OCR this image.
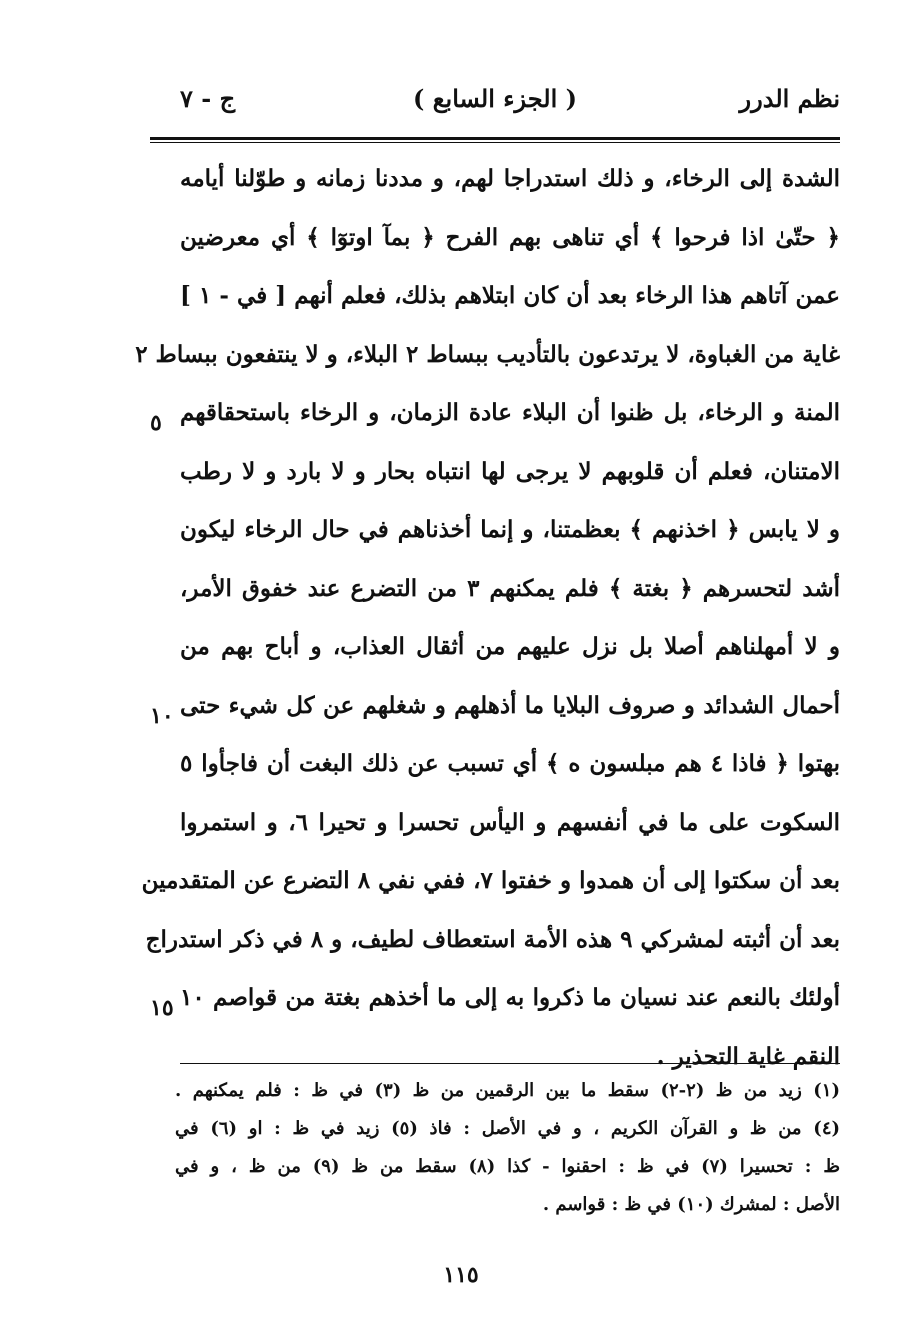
نظم الدرر
( الجزء السابع )
ج - ٧
الشدة إلى الرخاء، و ذلك استدراجا لهم، و مددنا زمانه و طوّلنا أيامه
﴿ حتّىٰ اذا فرحوا ﴾ أي تناهى بهم الفرح ﴿ بمآ اوتوٓا ﴾ أي معرضين
عمن آتاهم هذا الرخاء بعد أن كان ابتلاهم بذلك، فعلم أنهم [ في - ١ ]
غاية من الغباوة، لا يرتدعون بالتأديب ببساط ٢ البلاء، و لا ينتفعون ببساط ٢
المنة و الرخاء، بل ظنوا أن البلاء عادة الزمان، و الرخاء باستحقاقهم
الامتنان، فعلم أن قلوبهم لا يرجى لها انتباه بحار و لا بارد و لا رطب
و لا يابس ﴿ اخذنهم ﴾ بعظمتنا، و إنما أخذناهم في حال الرخاء ليكون
أشد لتحسرهم ﴿ بغتة ﴾ فلم يمكنهم ٣ من التضرع عند خفوق الأمر،
و لا أمهلناهم أصلا بل نزل عليهم من أثقال العذاب، و أباح بهم من
أحمال الشدائد و صروف البلايا ما أذهلهم و شغلهم عن كل شيء حتى
بهتوا ﴿ فاذا ٤ هم مبلسون ه ﴾ أي تسبب عن ذلك البغت أن فاجأوا ٥
السكوت على ما في أنفسهم و اليأس تحسرا و تحيرا ٦، و استمروا
بعد أن سكتوا إلى أن همدوا و خفتوا ٧، ففي نفي ٨ التضرع عن المتقدمين
بعد أن أثبته لمشركي ٩ هذه الأمة استعطاف لطيف، و ٨ في ذكر استدراج
أولئك بالنعم عند نسيان ما ذكروا به إلى ما أخذهم بغتة من قواصم ١٠
النقم غاية التحذير .
٥
١٠
١٥
(١) زيد من ظ (٢-٢) سقط ما بين الرقمين من ظ (٣) في ظ : فلم يمكنهم .
(٤) من ظ و القرآن الكريم ، و في الأصل : فاذ (٥) زيد في ظ : او (٦) في
ظ : تحسيرا (٧) في ظ : احقنوا - كذا (٨) سقط من ظ (٩) من ظ ، و في
الأصل : لمشرك (١٠) في ظ : قواسم .
١١٥
